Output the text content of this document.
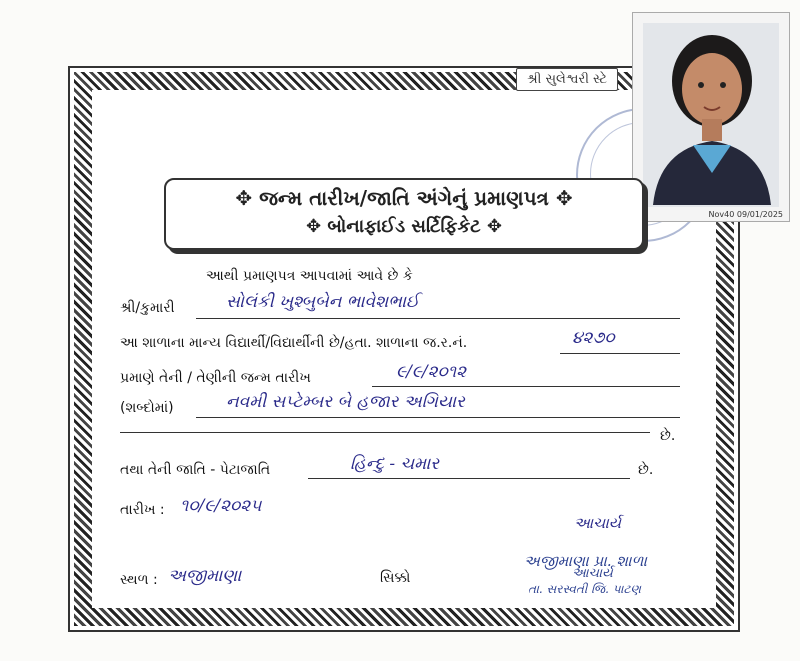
શ્રી સુલેશ્વરી સ્ટે
Nov40 09/01/2025
✥ જન્મ તારીખ/જાતિ અંગેનું પ્રમાણપત્ર ✥
✥ બોનાફાઈડ સર્ટિફિકેટ ✥
આથી પ્રમાણપત્ર આપવામાં આવે છે કે
શ્રી/કુમારી	સોલંકી ખુશ્બુબેન ભાવેશભાઈ
આ શાળાના માન્ય વિદ્યાર્થી/વિદ્યાર્થીની છે/હતા. શાળાના જ.ર.નં.	૪૨૭૦
પ્રમાણે તેની / તેણીની જન્મ તારીખ	૯/૯/૨૦૧૨
(શબ્દોમાં)	નવમી સપ્ટેમ્બર બે હજાર અગિયાર
છે.
તથા તેની જાતિ - પેટાજાતિ	હિન્દુ - ચમાર	છે.
તારીખ : ૧૦/૯/૨૦૨૫
આચાર્ય
સ્થળ : અજીમાણા	સિક્કો
અજીમાણા પ્રા. શાળા
આચાર્ય
તા. સરસ્વતી જિ. પાટણ
